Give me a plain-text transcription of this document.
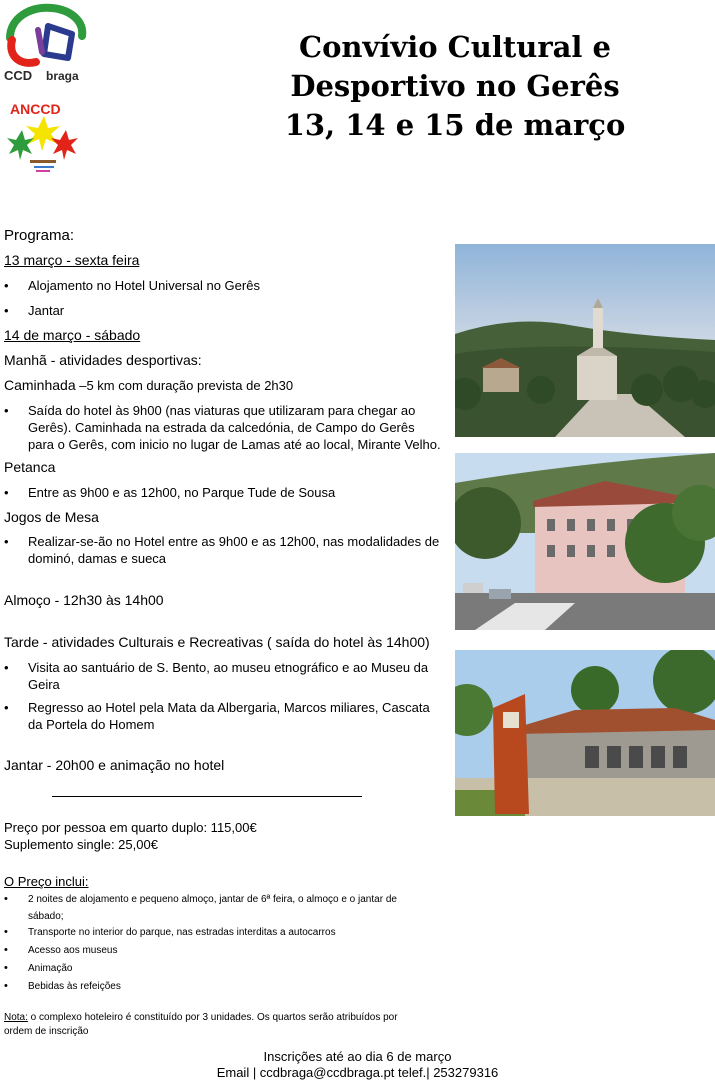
CCD braga
ANCCD
Convívio Cultural e
Desportivo no Gerês
13, 14 e 15 de março
Programa:
13 março - sexta feira
• Alojamento no Hotel Universal no Gerês
• Jantar
14 de março - sábado
Manhã - atividades desportivas:
Caminhada –5 km com duração prevista de 2h30
• Saída do hotel às 9h00 (nas viaturas que utilizaram para chegar ao Gerês). Caminhada na estrada da calcedónia, de Campo do Gerês para o Gerês, com inicio no lugar de Lamas até ao local, Mirante Velho.
Petanca
• Entre as 9h00 e as 12h00, no Parque Tude de Sousa
Jogos de Mesa
• Realizar-se-ão no Hotel entre as 9h00 e as 12h00, nas modalidades de dominó, damas e sueca
Almoço - 12h30 às 14h00
Tarde - atividades Culturais e Recreativas ( saída do hotel às 14h00)
• Visita ao santuário de S. Bento, ao museu etnográfico e ao Museu da Geira
• Regresso ao Hotel pela Mata da Albergaria, Marcos miliares, Cascata da Portela do Homem
Jantar - 20h00 e animação no hotel
Preço por pessoa em quarto duplo: 115,00€
Suplemento single: 25,00€
O Preço inclui:
• 2 noites de alojamento e pequeno almoço, jantar de 6ª feira, o almoço e o jantar de sábado;
• Transporte no interior do parque, nas estradas interditas a autocarros
• Acesso aos museus
• Animação
• Bebidas às refeições
Nota: o complexo hoteleiro é constituído por 3 unidades. Os quartos serão atribuídos por ordem de inscrição
Inscrições até ao dia 6 de março
Email | ccdbraga@ccdbraga.pt telef.| 253279316
